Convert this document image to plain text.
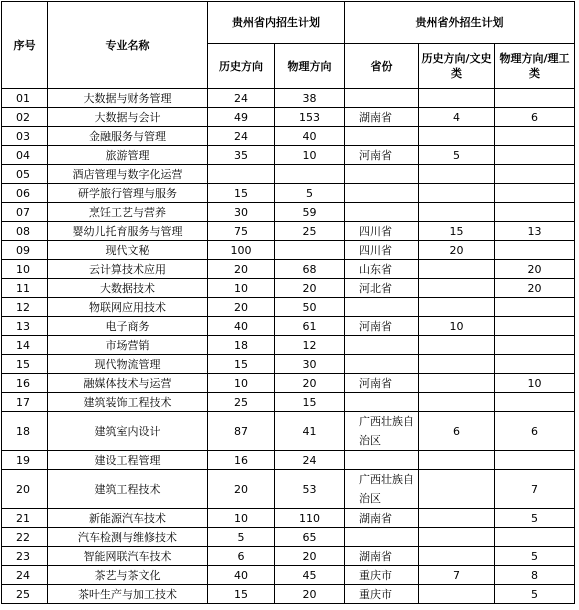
序号	专业名称	贵州省内招生计划		贵州省外招生计划		
		历史方向	物理方向	省份	历史方向/文史类	物理方向/理工类
01	大数据与财务管理	24	38			
02	大数据与会计	49	153	湖南省	4	6
03	金融服务与管理	24	40			
04	旅游管理	35	10	河南省	5	
05	酒店管理与数字化运营					
06	研学旅行管理与服务	15	5			
07	烹饪工艺与营养	30	59			
08	婴幼儿托育服务与管理	75	25	四川省	15	13
09	现代文秘	100		四川省	20	
10	云计算技术应用	20	68	山东省		20
11	大数据技术	10	20	河北省		20
12	物联网应用技术	20	50			
13	电子商务	40	61	河南省	10	
14	市场营销	18	12			
15	现代物流管理	15	30			
16	融媒体技术与运营	10	20	河南省		10
17	建筑装饰工程技术	25	15			
18	建筑室内设计	87	41	广西壮族自治区	6	6
19	建设工程管理	16	24			
20	建筑工程技术	20	53	广西壮族自治区		7
21	新能源汽车技术	10	110	湖南省		5
22	汽车检测与维修技术	5	65			
23	智能网联汽车技术	6	20	湖南省		5
24	茶艺与茶文化	40	45	重庆市	7	8
25	茶叶生产与加工技术	15	20	重庆市		5
